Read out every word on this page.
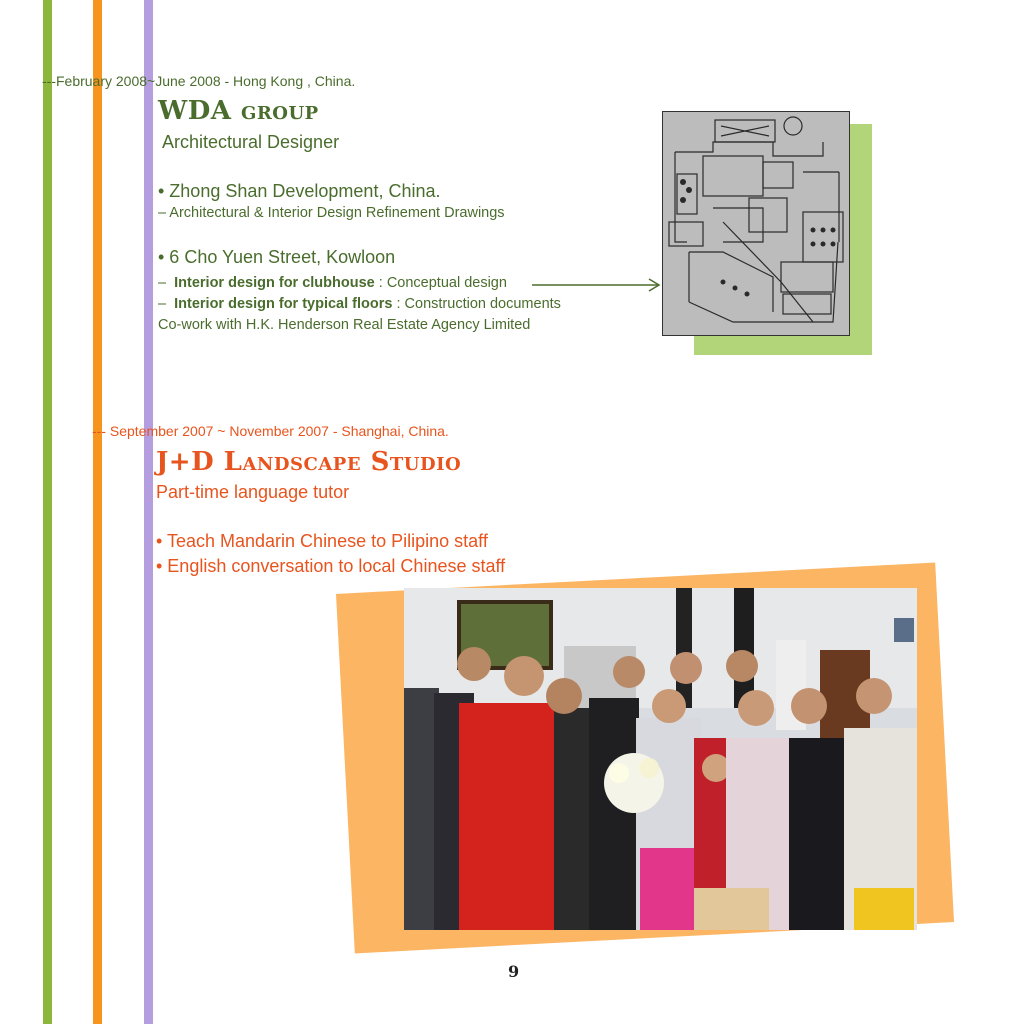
---February 2008~June 2008 - Hong Kong , China.
WDA group
Architectural Designer
• Zhong Shan Development, China.
– Architectural & Interior Design Refinement Drawings
• 6 Cho Yuen Street, Kowloon
–  Interior design for clubhouse : Conceptual design
–  Interior design for typical floors : Construction documents
Co-work with H.K. Henderson Real Estate Agency Limited
--- September 2007 ~ November 2007 - Shanghai, China.
J+D Landscape Studio
Part-time language tutor
• Teach Mandarin Chinese to Pilipino staff
• English conversation to local Chinese staff
9
